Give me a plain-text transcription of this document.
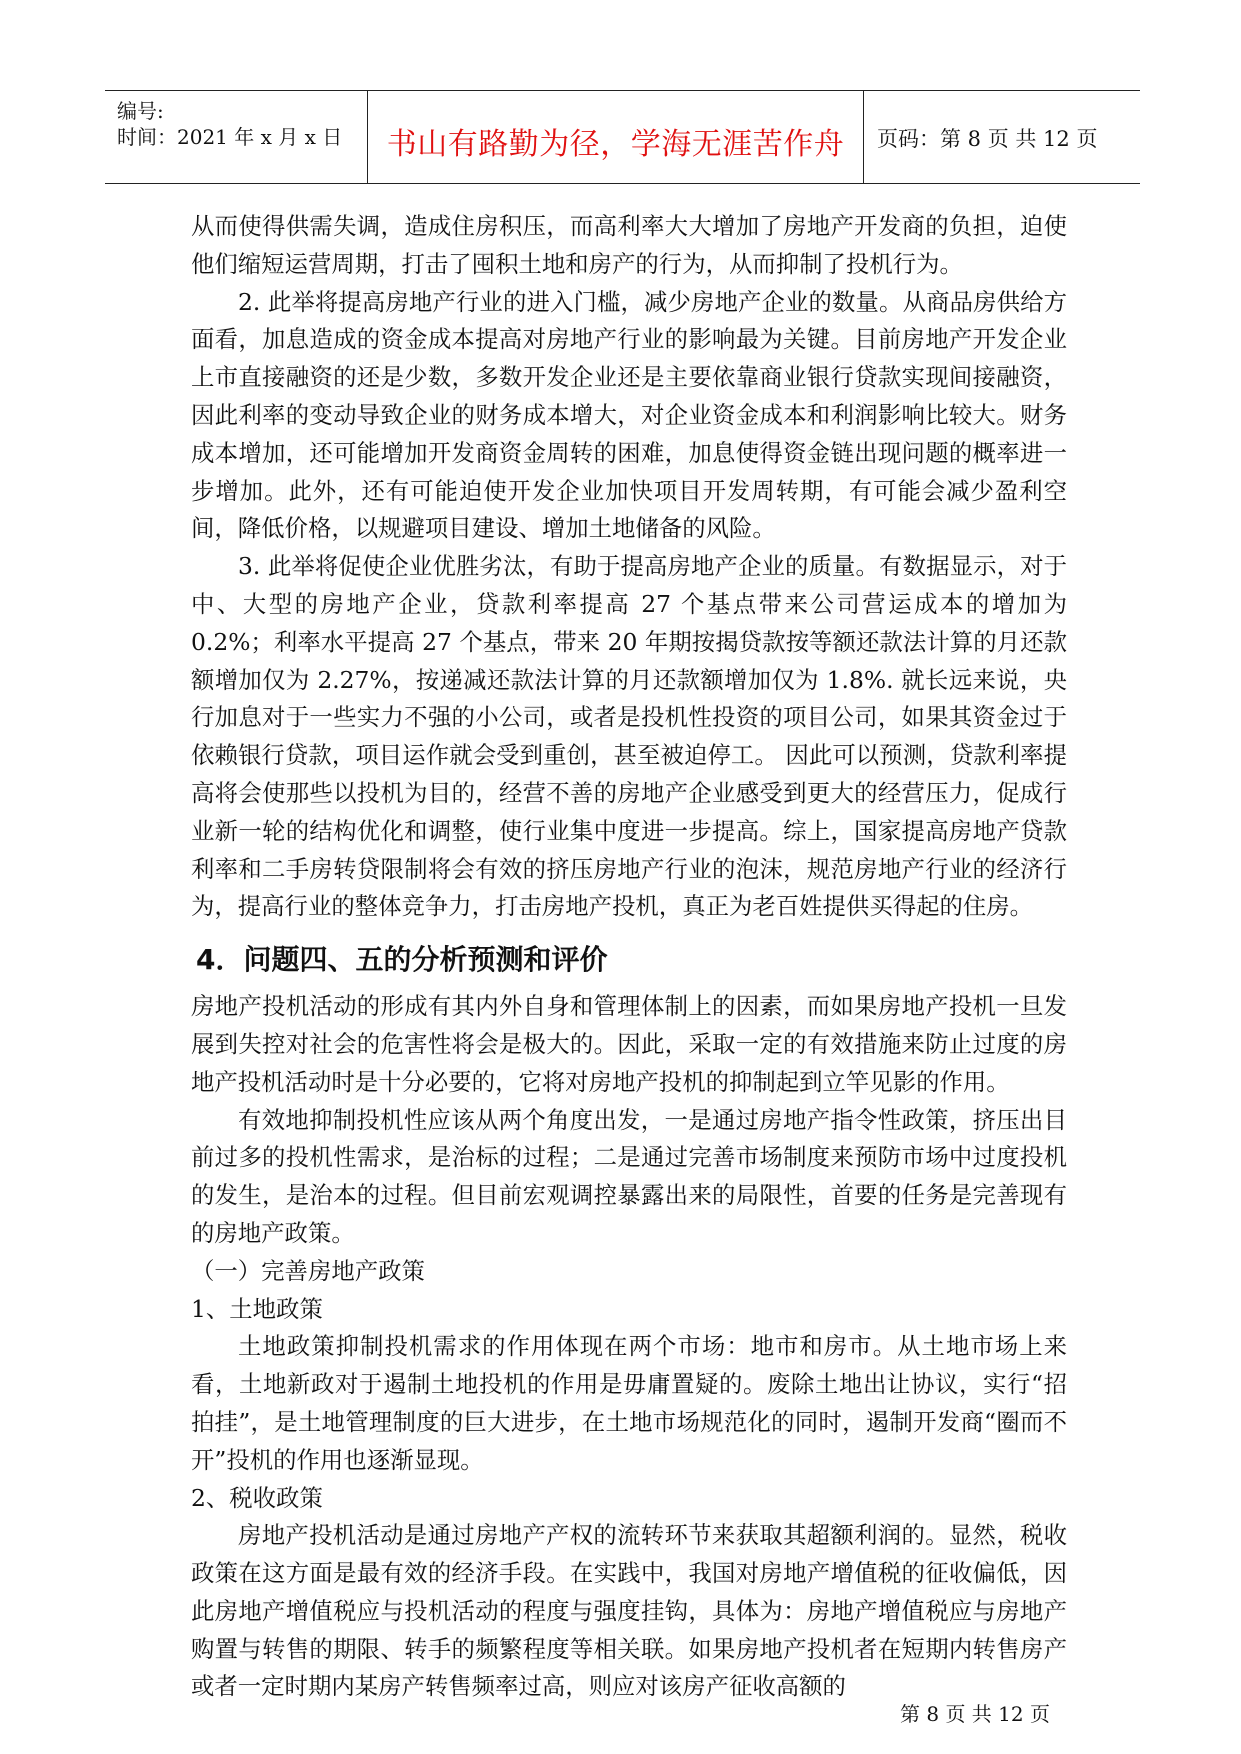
编号:
时间：2021 年 x 月 x 日	书山有路勤为径，学海无涯苦作舟	页码：第 8 页 共 12 页

从而使得供需失调，造成住房积压，而高利率大大增加了房地产开发商的负担，迫使他们缩短运营周期，打击了囤积土地和房产的行为，从而抑制了投机行为。

2. 此举将提高房地产行业的进入门槛，减少房地产企业的数量。从商品房供给方面看，加息造成的资金成本提高对房地产行业的影响最为关键。目前房地产开发企业上市直接融资的还是少数，多数开发企业还是主要依靠商业银行贷款实现间接融资，因此利率的变动导致企业的财务成本增大，对企业资金成本和利润影响比较大。财务成本增加，还可能增加开发商资金周转的困难，加息使得资金链出现问题的概率进一步增加。此外，还有可能迫使开发企业加快项目开发周转期，有可能会减少盈利空间，降低价格，以规避项目建设、增加土地储备的风险。

3. 此举将促使企业优胜劣汰，有助于提高房地产企业的质量。有数据显示，对于中、大型的房地产企业，贷款利率提高 27 个基点带来公司营运成本的增加为 0.2%；利率水平提高 27 个基点，带来 20 年期按揭贷款按等额还款法计算的月还款额增加仅为 2.27%，按递减还款法计算的月还款额增加仅为 1.8%. 就长远来说，央行加息对于一些实力不强的小公司，或者是投机性投资的项目公司，如果其资金过于依赖银行贷款，项目运作就会受到重创，甚至被迫停工。 因此可以预测，贷款利率提高将会使那些以投机为目的，经营不善的房地产企业感受到更大的经营压力，促成行业新一轮的结构优化和调整，使行业集中度进一步提高。综上，国家提高房地产贷款利率和二手房转贷限制将会有效的挤压房地产行业的泡沫，规范房地产行业的经济行为，提高行业的整体竞争力，打击房地产投机，真正为老百姓提供买得起的住房。

4．问题四、五的分析预测和评价

房地产投机活动的形成有其内外自身和管理体制上的因素，而如果房地产投机一旦发展到失控对社会的危害性将会是极大的。因此，采取一定的有效措施来防止过度的房地产投机活动时是十分必要的，它将对房地产投机的抑制起到立竿见影的作用。

有效地抑制投机性应该从两个角度出发，一是通过房地产指令性政策，挤压出目前过多的投机性需求，是治标的过程；二是通过完善市场制度来预防市场中过度投机的发生，是治本的过程。但目前宏观调控暴露出来的局限性，首要的任务是完善现有的房地产政策。

（一）完善房地产政策

1、土地政策

土地政策抑制投机需求的作用体现在两个市场：地市和房市。从土地市场上来看，土地新政对于遏制土地投机的作用是毋庸置疑的。废除土地出让协议，实行“招拍挂”，是土地管理制度的巨大进步，在土地市场规范化的同时，遏制开发商“圈而不开”投机的作用也逐渐显现。

2、税收政策

房地产投机活动是通过房地产产权的流转环节来获取其超额利润的。显然，税收政策在这方面是最有效的经济手段。在实践中，我国对房地产增值税的征收偏低，因此房地产增值税应与投机活动的程度与强度挂钩，具体为：房地产增值税应与房地产购置与转售的期限、转手的频繁程度等相关联。如果房地产投机者在短期内转售房产或者一定时期内某房产转售频率过高，则应对该房产征收高额的

第 8 页 共 12 页
